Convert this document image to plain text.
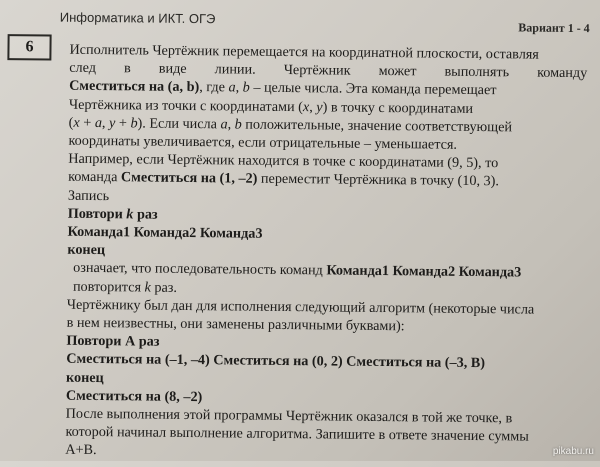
Информатика и ИКТ. ОГЭ
Вариант 1 - 4
6	Исполнитель Чертёжник перемещается на координатной плоскости, оставляя

след в виде линии. Чертёжник может выполнять команду

Сместиться на (a, b), где a, b – целые числа. Эта команда перемещает

Чертёжника из точки с координатами (x, y) в точку с координатами

(x + a, y + b). Если числа a, b положительные, значение соответствующей

координаты увеличивается, если отрицательные – уменьшается.

Например, если Чертёжник находится в точке с координатами (9, 5), то

команда Сместиться на (1, –2) переместит Чертёжника в точку (10, 3).

Запись

Повтори k раз

Команда1 Команда2 Команда3

конец

означает, что последовательность команд Команда1 Команда2 Команда3

повторится k раз.

Чертёжнику был дан для исполнения следующий алгоритм (некоторые числа

в нем неизвестны, они заменены различными буквами):

Повтори А раз

Сместиться на (–1, –4) Сместиться на (0, 2) Сместиться на (–3, В)

конец

Сместиться на (8, –2)

После выполнения этой программы Чертёжник оказался в той же точке, в

которой начинал выполнение алгоритма. Запишите в ответе значение суммы

А+В.	pikabu.ru
